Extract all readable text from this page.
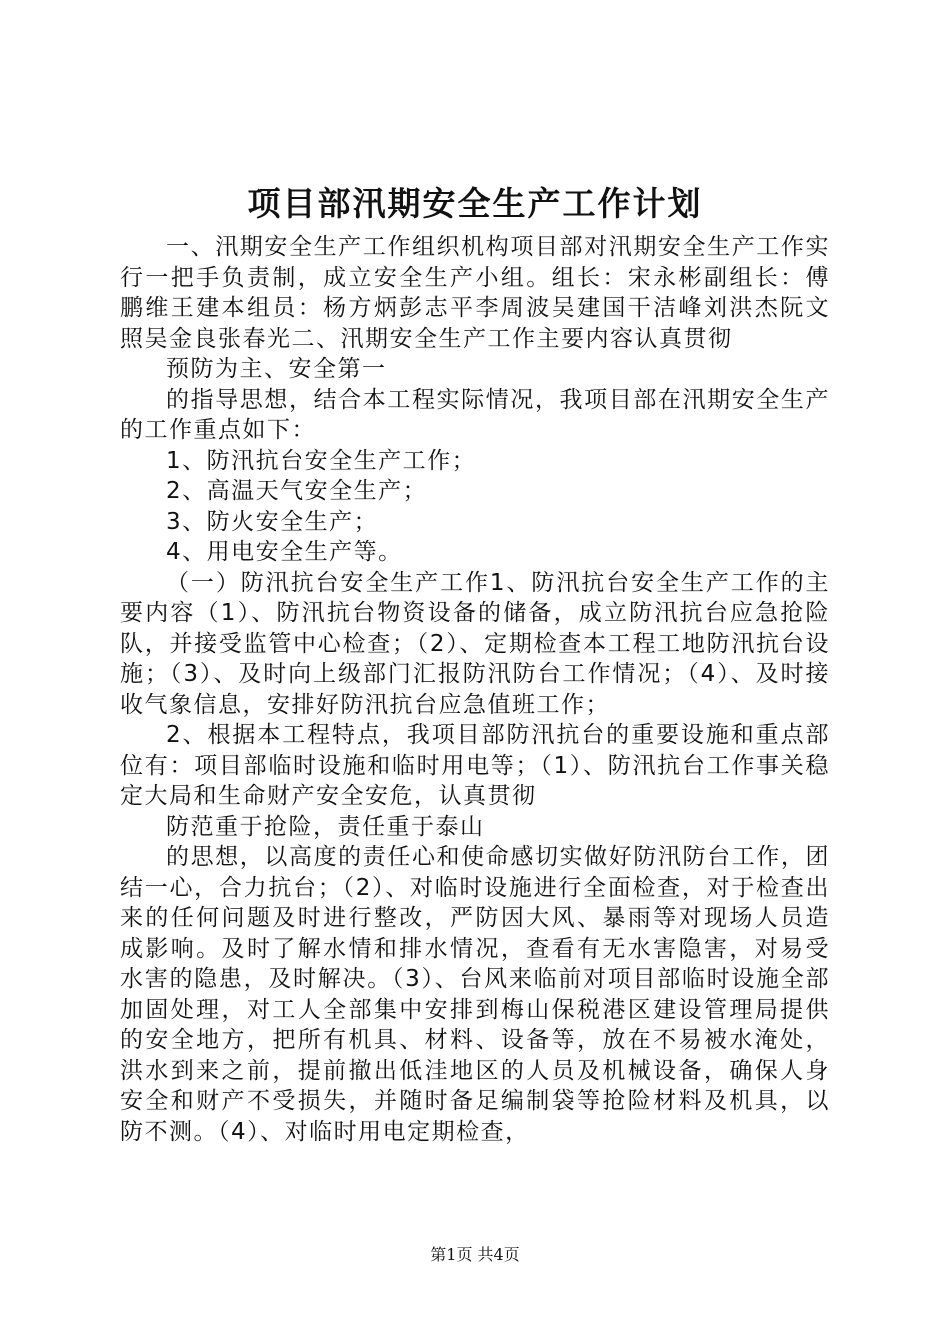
项目部汛期安全生产工作计划

一、汛期安全生产工作组织机构项目部对汛期安全生产工作实行一把手负责制，成立安全生产小组。组长：宋永彬副组长：傅鹏维王建本组员：杨方炳彭志平李周波吴建国干洁峰刘洪杰阮文照吴金良张春光二、汛期安全生产工作主要内容认真贯彻

预防为主、安全第一

的指导思想，结合本工程实际情况，我项目部在汛期安全生产的工作重点如下：

1、防汛抗台安全生产工作；

2、高温天气安全生产；

3、防火安全生产；

4、用电安全生产等。

（一）防汛抗台安全生产工作1、防汛抗台安全生产工作的主要内容（1）、防汛抗台物资设备的储备，成立防汛抗台应急抢险队，并接受监管中心检查；（2）、定期检查本工程工地防汛抗台设施；（3）、及时向上级部门汇报防汛防台工作情况；（4）、及时接收气象信息，安排好防汛抗台应急值班工作；

2、根据本工程特点，我项目部防汛抗台的重要设施和重点部位有：项目部临时设施和临时用电等；（1）、防汛抗台工作事关稳定大局和生命财产安全安危，认真贯彻

防范重于抢险，责任重于泰山

的思想，以高度的责任心和使命感切实做好防汛防台工作，团结一心，合力抗台；（2）、对临时设施进行全面检查，对于检查出来的任何问题及时进行整改，严防因大风、暴雨等对现场人员造成影响。及时了解水情和排水情况，查看有无水害隐害，对易受水害的隐患，及时解决。（3）、台风来临前对项目部临时设施全部加固处理，对工人全部集中安排到梅山保税港区建设管理局提供的安全地方，把所有机具、材料、设备等，放在不易被水淹处，洪水到来之前，提前撤出低洼地区的人员及机械设备，确保人身安全和财产不受损失，并随时备足编制袋等抢险材料及机具，以防不测。（4）、对临时用电定期检查，

第1页 共4页
